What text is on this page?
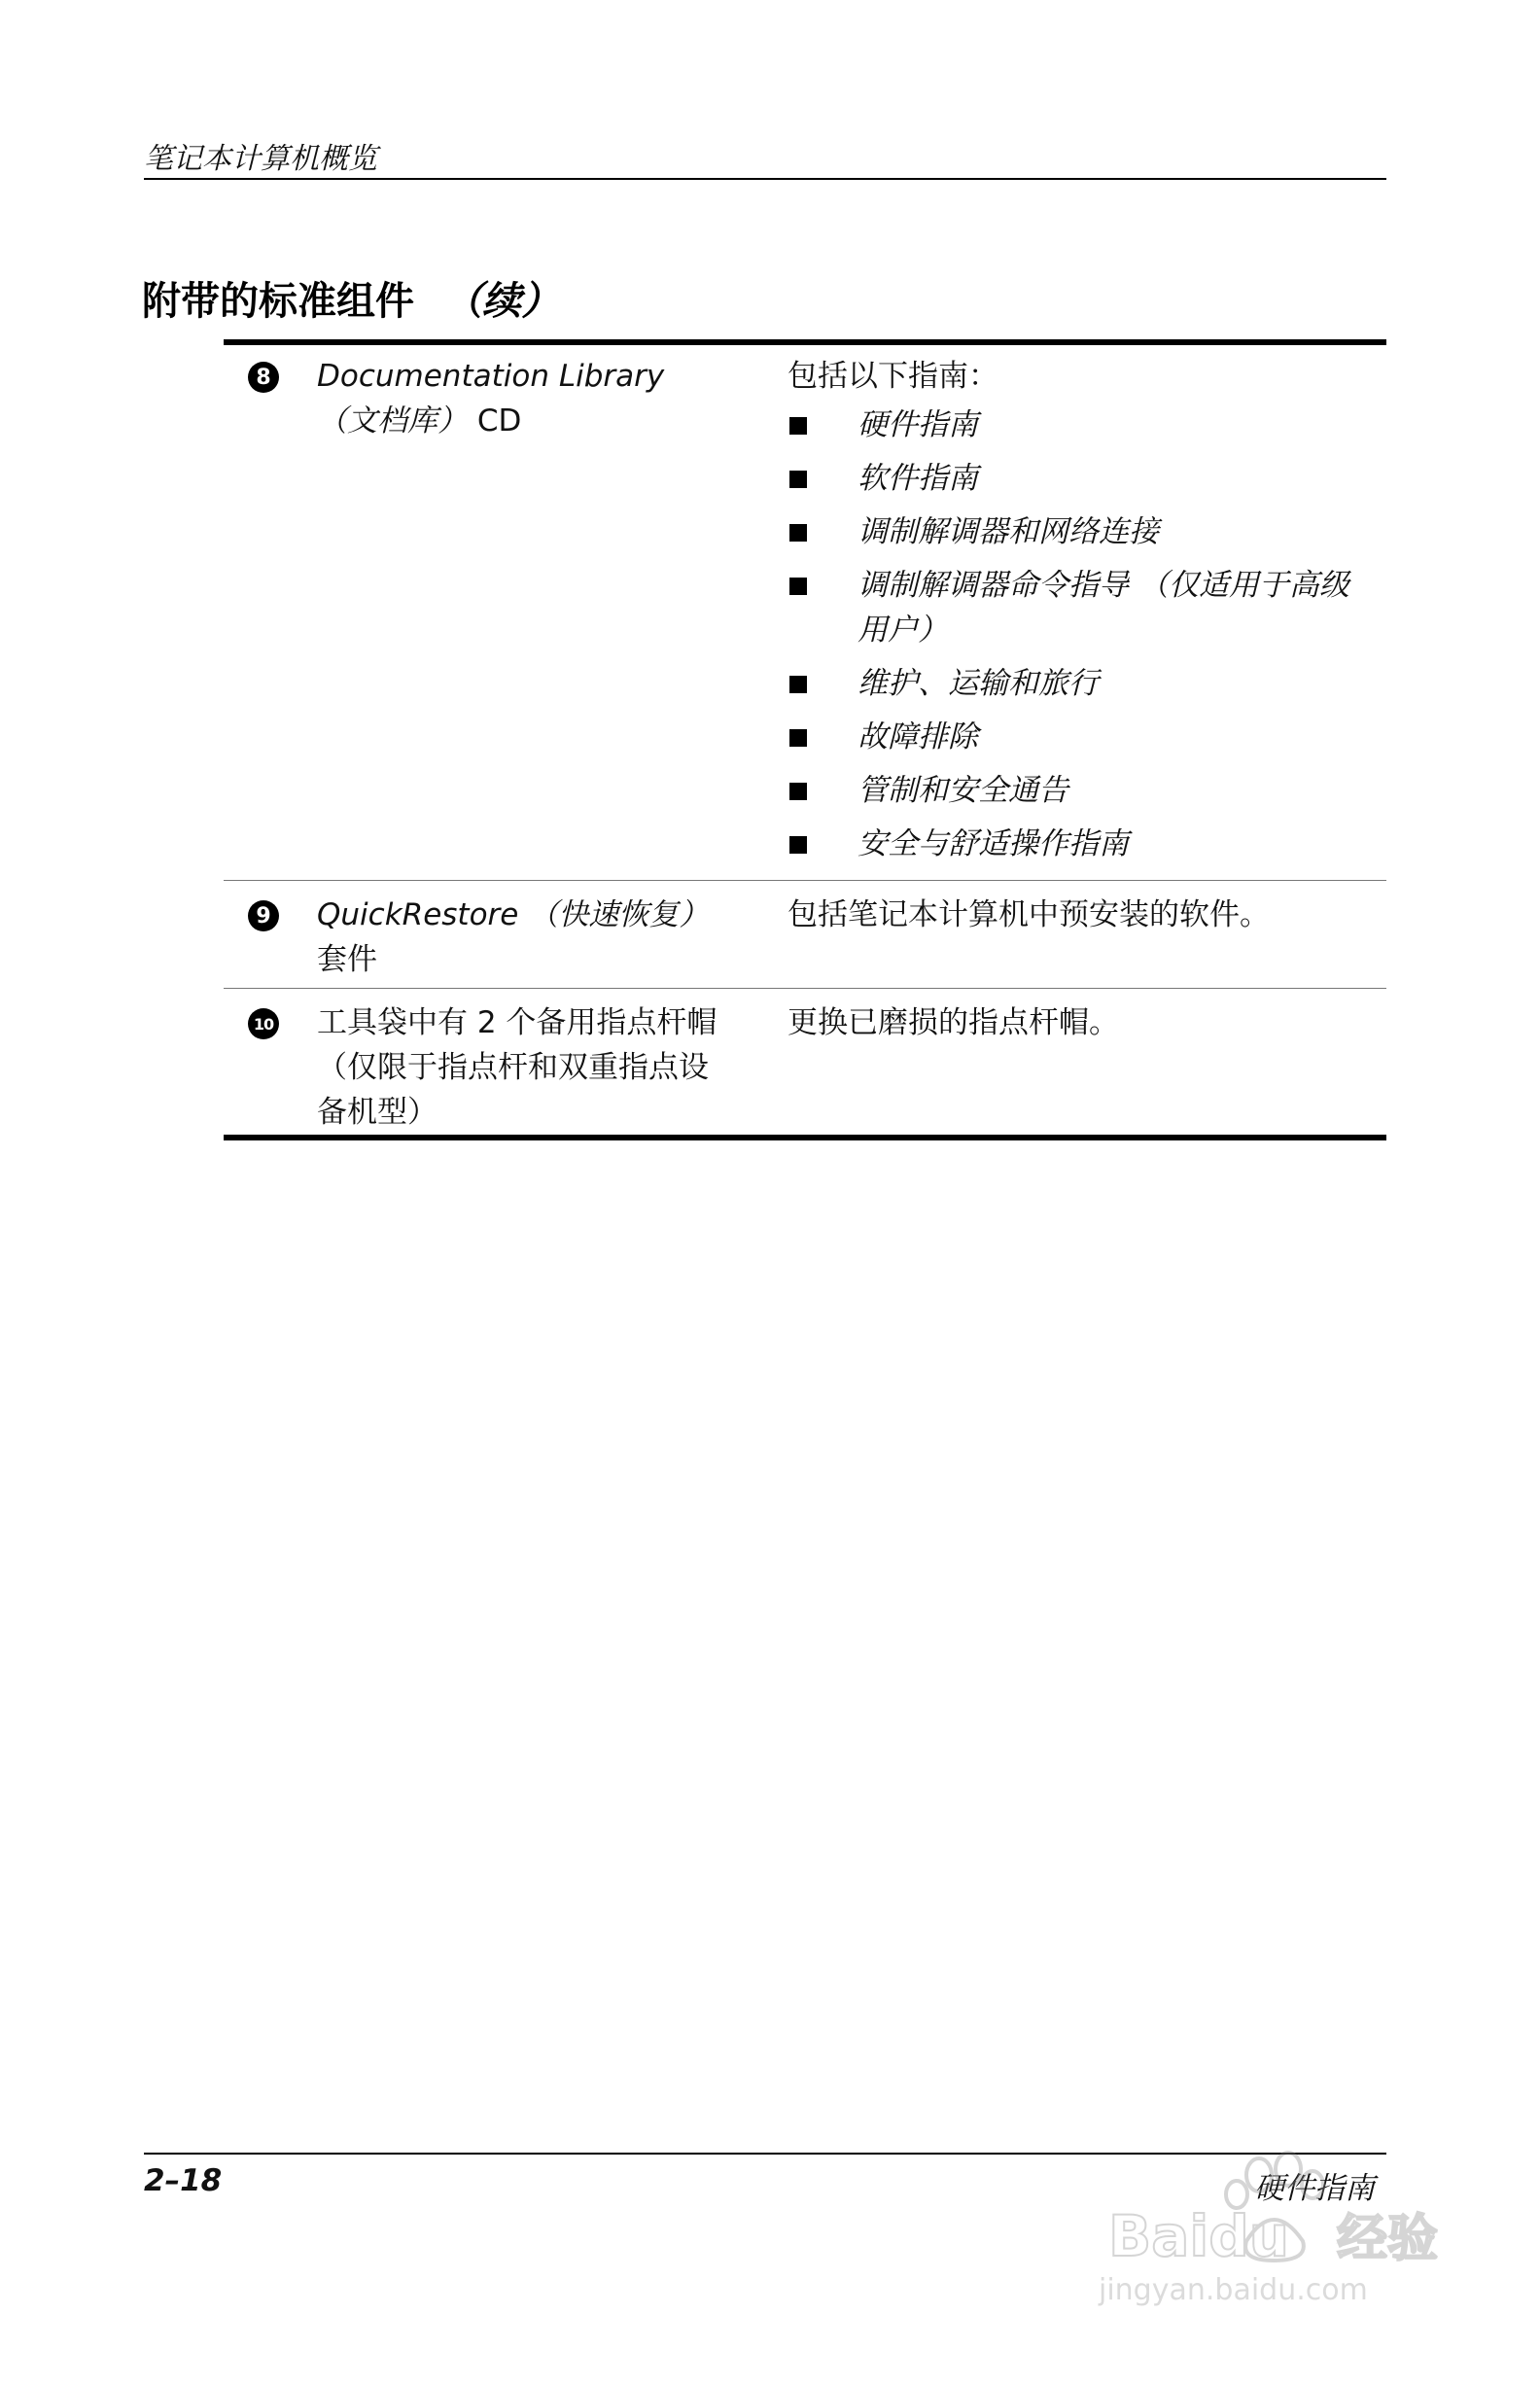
笔记本计算机概览
附带的标准组件 （续）
8 Documentation Library
（文档库） CD
包括以下指南：
硬件指南
软件指南
调制解调器和网络连接
调制解调器命令指导 （仅适用于高级用户）
维护、运输和旅行
故障排除
管制和安全通告
安全与舒适操作指南
9 QuickRestore （快速恢复）
套件
包括笔记本计算机中预安装的软件。
10 工具袋中有 2 个备用指点杆帽 （仅限于指点杆和双重指点设备机型）
更换已磨损的指点杆帽。
2–18	硬件指南
Baidu 经验
jingyan.baidu.com
